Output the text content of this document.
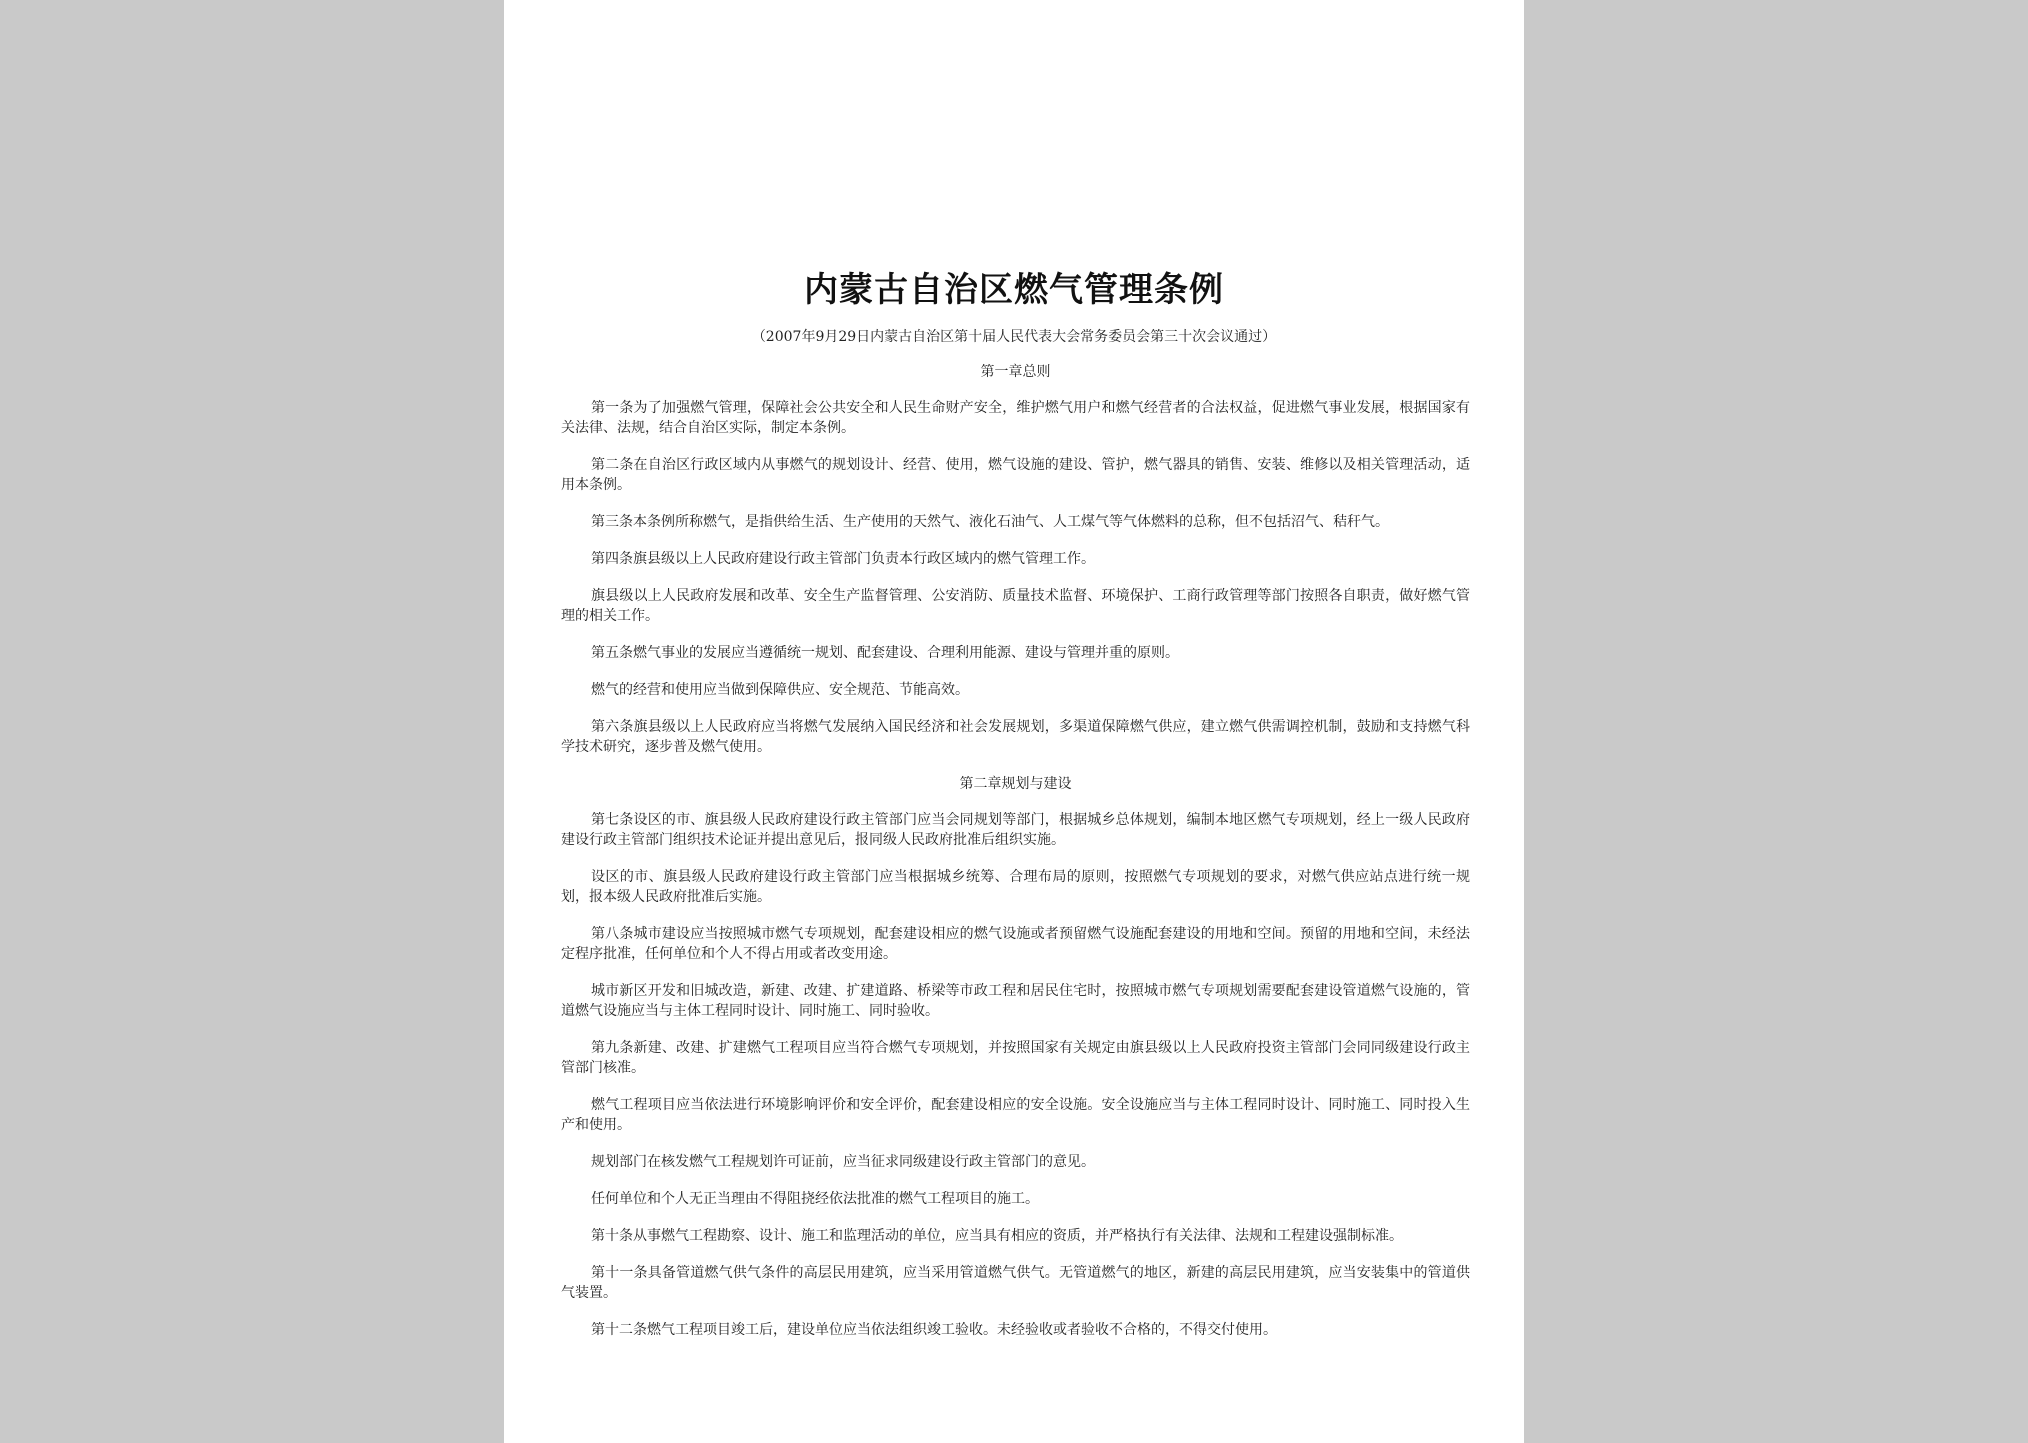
内蒙古自治区燃气管理条例

（2007年9月29日内蒙古自治区第十届人民代表大会常务委员会第三十次会议通过）

第一章总则

第一条为了加强燃气管理，保障社会公共安全和人民生命财产安全，维护燃气用户和燃气经营者的合法权益，促进燃气事业发展，根据国家有关法律、法规，结合自治区实际，制定本条例。

第二条在自治区行政区域内从事燃气的规划设计、经营、使用，燃气设施的建设、管护，燃气器具的销售、安装、维修以及相关管理活动，适用本条例。

第三条本条例所称燃气，是指供给生活、生产使用的天然气、液化石油气、人工煤气等气体燃料的总称，但不包括沼气、秸秆气。

第四条旗县级以上人民政府建设行政主管部门负责本行政区域内的燃气管理工作。

旗县级以上人民政府发展和改革、安全生产监督管理、公安消防、质量技术监督、环境保护、工商行政管理等部门按照各自职责，做好燃气管理的相关工作。

第五条燃气事业的发展应当遵循统一规划、配套建设、合理利用能源、建设与管理并重的原则。

燃气的经营和使用应当做到保障供应、安全规范、节能高效。

第六条旗县级以上人民政府应当将燃气发展纳入国民经济和社会发展规划，多渠道保障燃气供应，建立燃气供需调控机制，鼓励和支持燃气科学技术研究，逐步普及燃气使用。

第二章规划与建设

第七条设区的市、旗县级人民政府建设行政主管部门应当会同规划等部门，根据城乡总体规划，编制本地区燃气专项规划，经上一级人民政府建设行政主管部门组织技术论证并提出意见后，报同级人民政府批准后组织实施。

设区的市、旗县级人民政府建设行政主管部门应当根据城乡统筹、合理布局的原则，按照燃气专项规划的要求，对燃气供应站点进行统一规划，报本级人民政府批准后实施。

第八条城市建设应当按照城市燃气专项规划，配套建设相应的燃气设施或者预留燃气设施配套建设的用地和空间。预留的用地和空间，未经法定程序批准，任何单位和个人不得占用或者改变用途。

城市新区开发和旧城改造，新建、改建、扩建道路、桥梁等市政工程和居民住宅时，按照城市燃气专项规划需要配套建设管道燃气设施的，管道燃气设施应当与主体工程同时设计、同时施工、同时验收。

第九条新建、改建、扩建燃气工程项目应当符合燃气专项规划，并按照国家有关规定由旗县级以上人民政府投资主管部门会同同级建设行政主管部门核准。

燃气工程项目应当依法进行环境影响评价和安全评价，配套建设相应的安全设施。安全设施应当与主体工程同时设计、同时施工、同时投入生产和使用。

规划部门在核发燃气工程规划许可证前，应当征求同级建设行政主管部门的意见。

任何单位和个人无正当理由不得阻挠经依法批准的燃气工程项目的施工。

第十条从事燃气工程勘察、设计、施工和监理活动的单位，应当具有相应的资质，并严格执行有关法律、法规和工程建设强制标准。

第十一条具备管道燃气供气条件的高层民用建筑，应当采用管道燃气供气。无管道燃气的地区，新建的高层民用建筑，应当安装集中的管道供气装置。

第十二条燃气工程项目竣工后，建设单位应当依法组织竣工验收。未经验收或者验收不合格的，不得交付使用。
